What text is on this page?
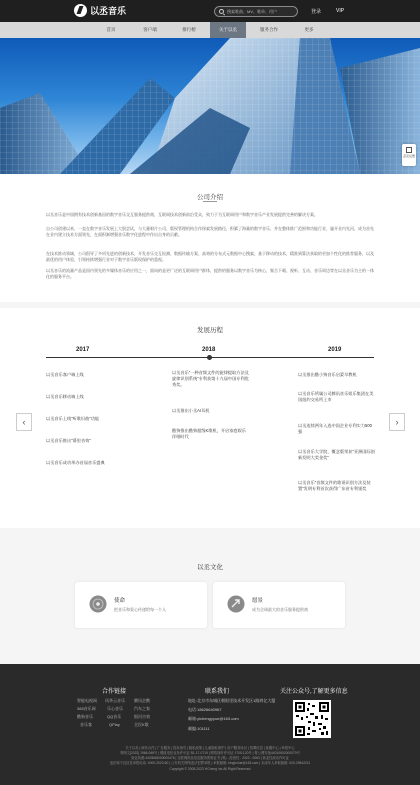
以丞音乐
搜索歌曲、MV、歌单、用户	登录	VIP
首页	客户端	排行榜	关于以丞	服务合作	更多
意见反馈
公司介绍

以丞音乐是中国拥有技术创新基因的数字音乐交互服务提供商，互联网技术创新前沿受众，致力于为互联网用户和数字音乐产业发展提供完善的解决方案。

自公司创建以来，一直在数字音乐发展上大胆尝试，与大量唱片公司、版权管理机构合作探索发展路径，积累了海量的数字音乐，并在整体推广范围和功能行业，屡开业内先河，成为首先在业内建立技术方面领先，在面积渐增强音乐数字化进程中作出自身的贡献。

在技术推动领域，公司倡导了多项先进的创新技术，开发音乐交互检测、数据传输方案、高效的分布式元数据中心搜索、基于移动的技术，精准到算法获取的更加个性化的推荐服务，以及最优的用户体验，引领持续增强行业对于数字音乐版权保护的重视。

以丞音乐的流量产品是国内领先的多媒体音乐的应用之一，面向的是更广泛的互联网用户群体，提供的服务以数字音乐为核心，集合下载、视听、互动、音乐周边等在以丞音乐为主的一体化的服务平台。

发展历程
2017	2018	2019
以丞音乐客户端上线
以丞音乐移动端上线
以丞音乐上线"听歌识曲"功能
以丞音乐推出"幕里音效"
以丞音乐成功举办首届音乐盛典
以丞音乐"一种音频文件的旋律提取方法及旋律识别系统"专利获第十九届中国专利优秀奖。
以丞推出小丞AI耳机
酷狗推出酷狗超级K歌机，开启家庭娱乐伴唱时代
以丞推出酷小狗音乐启蒙早教机
以丞音乐所属公司腾讯音乐娱乐集团在美国纽约交易所上市
以丞连续两年入选中国企业专利实力500强
以丞音乐大学院、概念版荣获"亚洲国际创新发明大奖金奖"
以丞音乐"音频文件的歌谣识别方法及装置"发明专利首次获得广东省专利银奖
‹	›
以丞文化
使命
把音乐和爱心传递给每一个人
愿景
成为全球最大的音乐服务提供商
合作链接
智能电视网 风华云音乐 腾讯企鹅
365音乐网	乐心音乐	汽车之家
酷狗音乐	QQ音乐	银河吉效
音乐客	QPlay	全民K歌
联系我们
地址:北京市东城区朝阳里技术开发区1路鸿亿大厦
电话:18626640967
邮箱:yichengyyue@163.com
邮编:101111
关注公众号,了解更多信息
关于以丞 | 商务合作 | 广告服务 | 投诉指引 | 隐私政策 | 儿童隐私保护 | 用户服务协议 | 招聘信息 | 客服中心 | 举报中心
粤网文[2022] 1966-066号 | 增值电信业务许可证 B1-17-0719 | 网络视听许可证 1705-120号 | 粤公网安备44010602000070号
营业执照:4403068000000478 | 互联网药品信息服务资格证书 (粤) - 经营性 - 2020 - 0063 | 营业性演出许可证
违法和不良信息举报电话: 4000-2020-60 | 公安机关网络违法犯罪举报 | 举报邮箱: kinghulue@163.com | 未成年人举报邮箱: 020-29542211
Copyright © 2008-2023 YiCheng Inc.All Right Reserved
